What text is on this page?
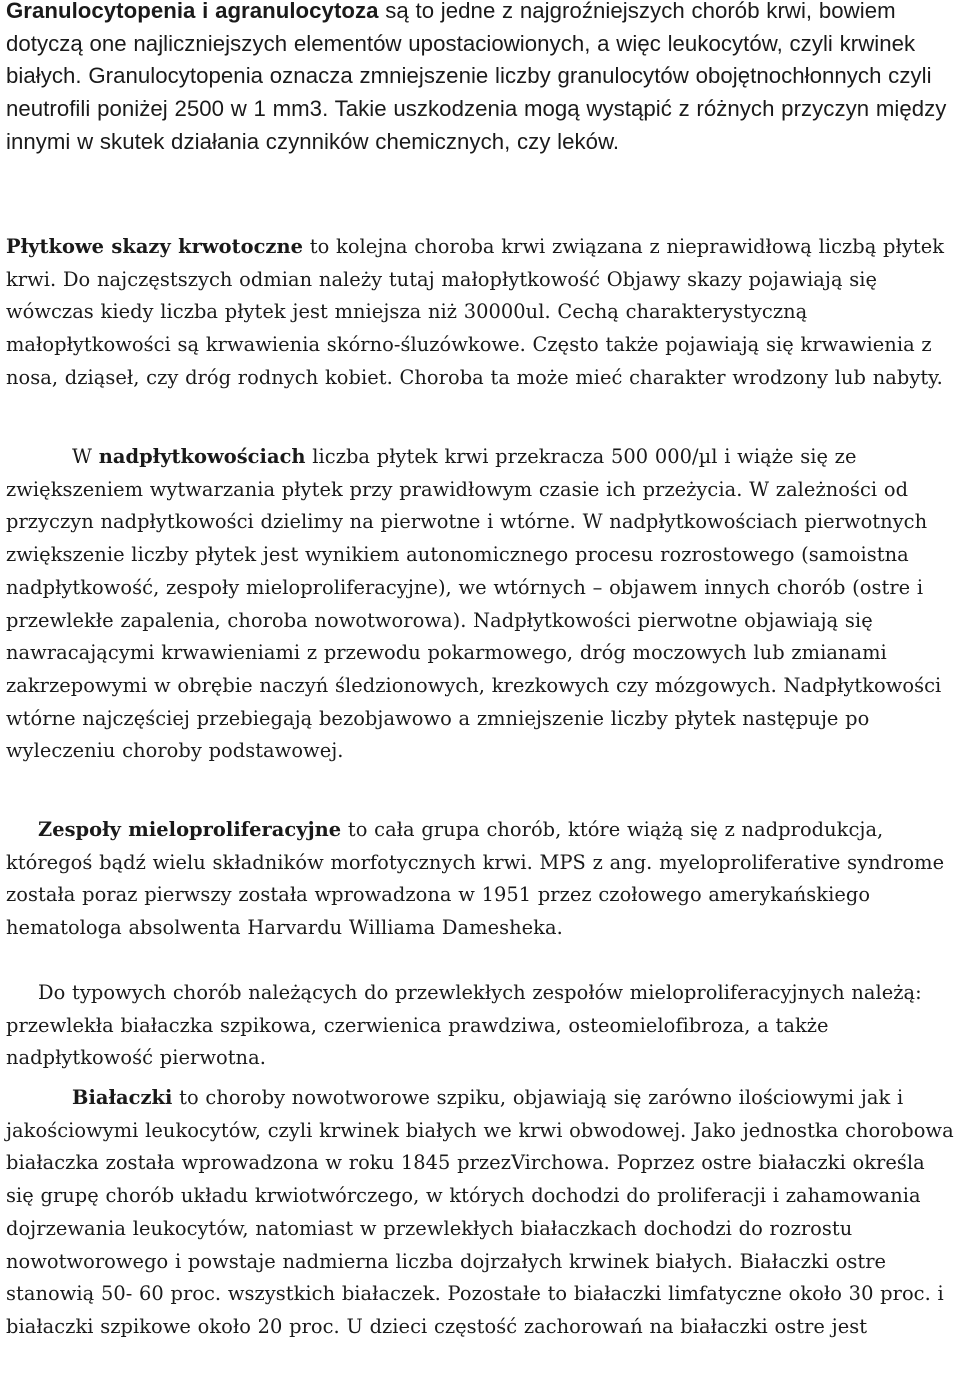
Granulocytopenia i agranulocytoza są to jedne z najgroźniejszych chorób krwi, bowiem dotyczą one najliczniejszych elementów upostaciowionych, a więc leukocytów, czyli krwinek białych. Granulocytopenia oznacza zmniejszenie liczby granulocytów obojętnochłonnych czyli neutrofili poniżej 2500 w 1 mm3. Takie uszkodzenia mogą wystąpić z różnych przyczyn między innymi w skutek działania czynników chemicznych, czy leków.

Płytkowe skazy krwotoczne to kolejna choroba krwi związana z nieprawidłową liczbą płytek krwi. Do najczęstszych odmian należy tutaj małopłytkowość Objawy skazy pojawiają się wówczas kiedy liczba płytek jest mniejsza niż 30000ul. Cechą charakterystyczną małopłytkowości są krwawienia skórno-śluzówkowe. Często także pojawiają się krwawienia z nosa, dziąseł, czy dróg rodnych kobiet. Choroba ta może mieć charakter wrodzony lub nabyty.

W nadpłytkowościach liczba płytek krwi przekracza 500 000/µl i wiąże się ze zwiększeniem wytwarzania płytek przy prawidłowym czasie ich przeżycia. W zależności od przyczyn nadpłytkowości dzielimy na pierwotne i wtórne. W nadpłytkowościach pierwotnych zwiększenie liczby płytek jest wynikiem autonomicznego procesu rozrostowego (samoistna nadpłytkowość, zespoły mieloproliferacyjne), we wtórnych – objawem innych chorób (ostre i przewlekłe zapalenia, choroba nowotworowa). Nadpłytkowości pierwotne objawiają się nawracającymi krwawieniami z przewodu pokarmowego, dróg moczowych lub zmianami zakrzepowymi w obrębie naczyń śledzionowych, krezkowych czy mózgowych. Nadpłytkowości wtórne najczęściej przebiegają bezobjawowo a zmniejszenie liczby płytek następuje po wyleczeniu choroby podstawowej.

Zespoły mieloproliferacyjne to cała grupa chorób, które wiążą się z nadprodukcja, któregoś bądź wielu składników morfotycznych krwi. MPS z ang. myeloproliferative syndrome została poraz pierwszy została wprowadzona w 1951 przez czołowego amerykańskiego hematologa absolwenta Harvardu Williama Damesheka.

Do typowych chorób należących do przewlekłych zespołów mieloproliferacyjnych należą: przewlekła białaczka szpikowa, czerwienica prawdziwa, osteomielofibroza, a także nadpłytkowość pierwotna.

Białaczki to choroby nowotworowe szpiku, objawiają się zarówno ilościowymi jak i jakościowymi leukocytów, czyli krwinek białych we krwi obwodowej. Jako jednostka chorobowa białaczka została wprowadzona w roku 1845 przezVirchowa. Poprzez ostre białaczki określa się grupę chorób układu krwiotwórczego, w których dochodzi do proliferacji i zahamowania dojrzewania leukocytów, natomiast w przewlekłych białaczkach dochodzi do rozrostu nowotworowego i powstaje nadmierna liczba dojrzałych krwinek białych. Białaczki ostre stanowią 50- 60 proc. wszystkich białaczek. Pozostałe to białaczki limfatyczne około 30 proc. i białaczki szpikowe około 20 proc. U dzieci częstość zachorowań na białaczki ostre jest
